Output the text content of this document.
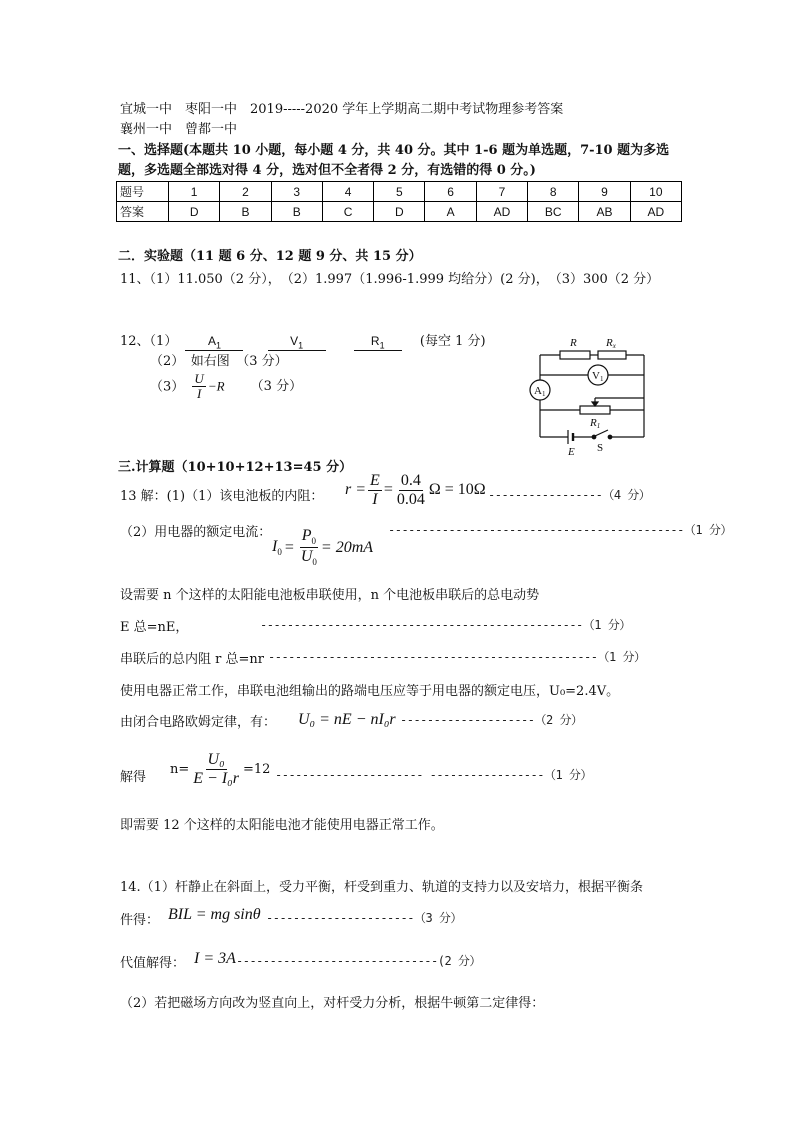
宜城一中　枣阳一中　2019-----2020 学年上学期高二期中考试物理参考答案
襄州一中　曾都一中
一、选择题(本题共 10 小题，每小题 4 分，共 40 分。其中 1-6 题为单选题，7-10 题为多选
题，多选题全部选对得 4 分，选对但不全者得 2 分，有选错的得 0 分。)
题号	1	2	3	4	5	6	7	8	9	10
答案	D	B	B	C	D	A	AD	BC	AB	AD
二．实验题（11 题 6 分、12 题 9 分、共 15 分）
11、（1）11.050（2 分），　（2）1.997（1.996-1.999 均给分）(2 分)，　（3）300（2 分）
12、（1）	$A_1$	$V_1$	$R_1$	(每空 1 分)
（2）　如右图　（3 分）
$(3) \frac{U}{I} -R$ （3 分）
R	Rx
V1
A1
R1
E S
三.计算题（10+10+12+13=45 分）
13 解：(1)（1）该电池板的内阻： $r = \frac{E}{I} = \frac{0.4}{0.04}$ Ω = 10Ω -----------------（4 分）
（2）用电器的额定电流：	--------------------------------------------（1 分）
$I_0 = \frac{P_0}{U_0} = 20mA$
设需要 n 个这样的太阳能电池板串联使用，n 个电池板串联后的总电动势
E 总=nE，	------------------------------------------------（1 分）
串联后的总内阻 r 总=nr -------------------------------------------------（1 分）
使用电器正常工作，串联电池组输出的路端电压应等于用电器的额定电压，U₀=2.4V。
由闭合电路欧姆定律，有： U₀ = nE − nI₀r --------------------（2 分）
解得
$n= \frac{\text{U₀}}{\text{E − I₀r}} =12$ ---------------------- -----------------（1 分）
即需要 12 个这样的太阳能电池才能使用电器正常工作。
14.（1）杆静止在斜面上，受力平衡，杆受到重力、轨道的支持力以及安培力，根据平衡条
件得： BIL = mg sinθ ----------------------（3 分）
代值解得： I = 3A ------------------------------(2 分）
（2）若把磁场方向改为竖直向上，对杆受力分析，根据牛顿第二定律得：
